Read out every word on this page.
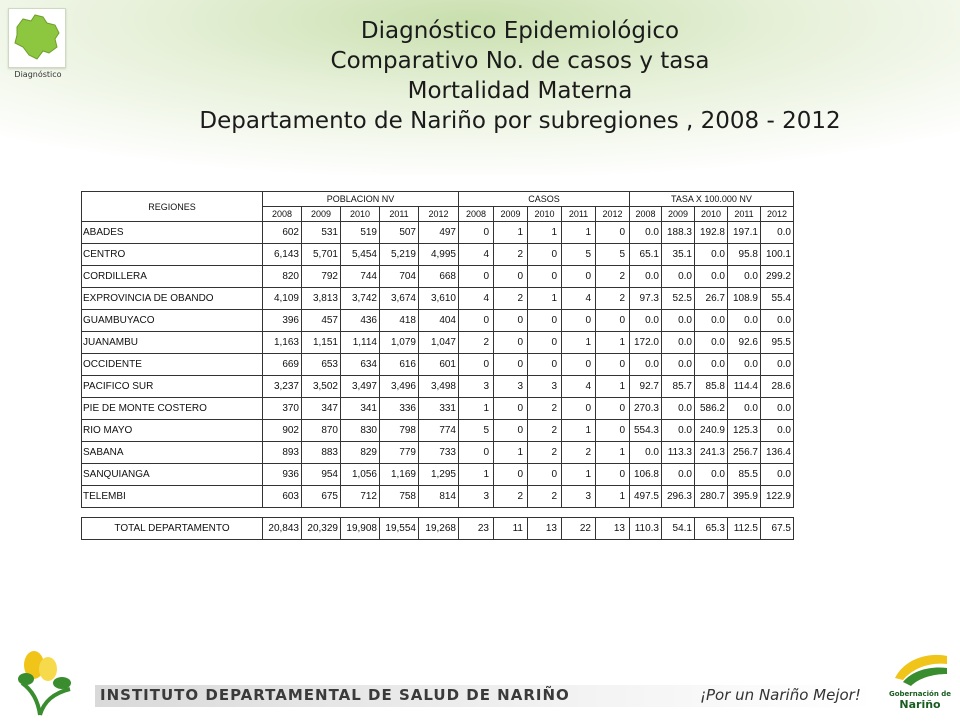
Diagnóstico
Diagnóstico Epidemiológico
Comparativo No. de casos y tasa
Mortalidad Materna
Departamento de Nariño por subregiones , 2008 - 2012
REGIONES	POBLACION NV					CASOS					TASA X 100.000 NV				
	2008	2009	2010	2011	2012	2008	2009	2010	2011	2012	2008	2009	2010	2011	2012
ABADES	602	531	519	507	497	0	1	1	1	0	0.0	188.3	192.8	197.1	0.0
CENTRO	6,143	5,701	5,454	5,219	4,995	4	2	0	5	5	65.1	35.1	0.0	95.8	100.1
CORDILLERA	820	792	744	704	668	0	0	0	0	2	0.0	0.0	0.0	0.0	299.2
EXPROVINCIA DE OBANDO	4,109	3,813	3,742	3,674	3,610	4	2	1	4	2	97.3	52.5	26.7	108.9	55.4
GUAMBUYACO	396	457	436	418	404	0	0	0	0	0	0.0	0.0	0.0	0.0	0.0
JUANAMBU	1,163	1,151	1,114	1,079	1,047	2	0	0	1	1	172.0	0.0	0.0	92.6	95.5
OCCIDENTE	669	653	634	616	601	0	0	0	0	0	0.0	0.0	0.0	0.0	0.0
PACIFICO SUR	3,237	3,502	3,497	3,496	3,498	3	3	3	4	1	92.7	85.7	85.8	114.4	28.6
PIE DE MONTE COSTERO	370	347	341	336	331	1	0	2	0	0	270.3	0.0	586.2	0.0	0.0
RIO MAYO	902	870	830	798	774	5	0	2	1	0	554.3	0.0	240.9	125.3	0.0
SABANA	893	883	829	779	733	0	1	2	2	1	0.0	113.3	241.3	256.7	136.4
SANQUIANGA	936	954	1,056	1,169	1,295	1	0	0	1	0	106.8	0.0	0.0	85.5	0.0
TELEMBI	603	675	712	758	814	3	2	2	3	1	497.5	296.3	280.7	395.9	122.9

TOTAL DEPARTAMENTO	20,843	20,329	19,908	19,554	19,268	23	11	13	22	13	110.3	54.1	65.3	112.5	67.5
INSTITUTO DEPARTAMENTAL DE SALUD DE NARIÑO	¡Por un Nariño Mejor!	Gobernación de
Nariño
